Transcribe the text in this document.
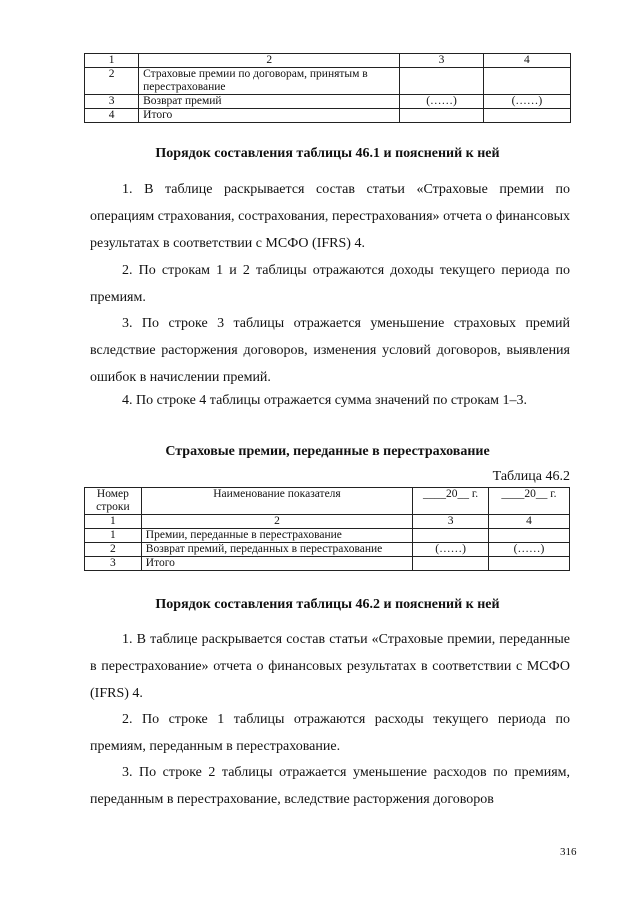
1	2	3	4
2	Страховые премии по договорам, принятым в перестрахование		
3	Возврат премий	(……)	(……)
4	Итого		
Порядок составления таблицы 46.1 и пояснений к ней

1. В таблице раскрывается состав статьи «Страховые премии по операциям страхования, сострахования, перестрахования» отчета о финансовых результатах в соответствии с МСФО (IFRS) 4.

2. По строкам 1 и 2 таблицы отражаются доходы текущего периода по премиям.

3. По строке 3 таблицы отражается уменьшение страховых премий вследствие расторжения договоров, изменения условий договоров, выявления ошибок в начислении премий.

4. По строке 4 таблицы отражается сумма значений по строкам 1–3.

Страховые премии, переданные в перестрахование
Таблица 46.2
Номер строки	Наименование показателя	____20__ г.	____20__ г.
1	2	3	4
1	Премии, переданные в перестрахование		
2	Возврат премий, переданных в перестрахование	(……)	(……)
3	Итого		
Порядок составления таблицы 46.2 и пояснений к ней

1. В таблице раскрывается состав статьи «Страховые премии, переданные в перестрахование» отчета о финансовых результатах в соответствии с МСФО (IFRS) 4.

2. По строке 1 таблицы отражаются расходы текущего периода по премиям, переданным в перестрахование.

3. По строке 2 таблицы отражается уменьшение расходов по премиям, переданным в перестрахование, вследствие расторжения договоров

316
